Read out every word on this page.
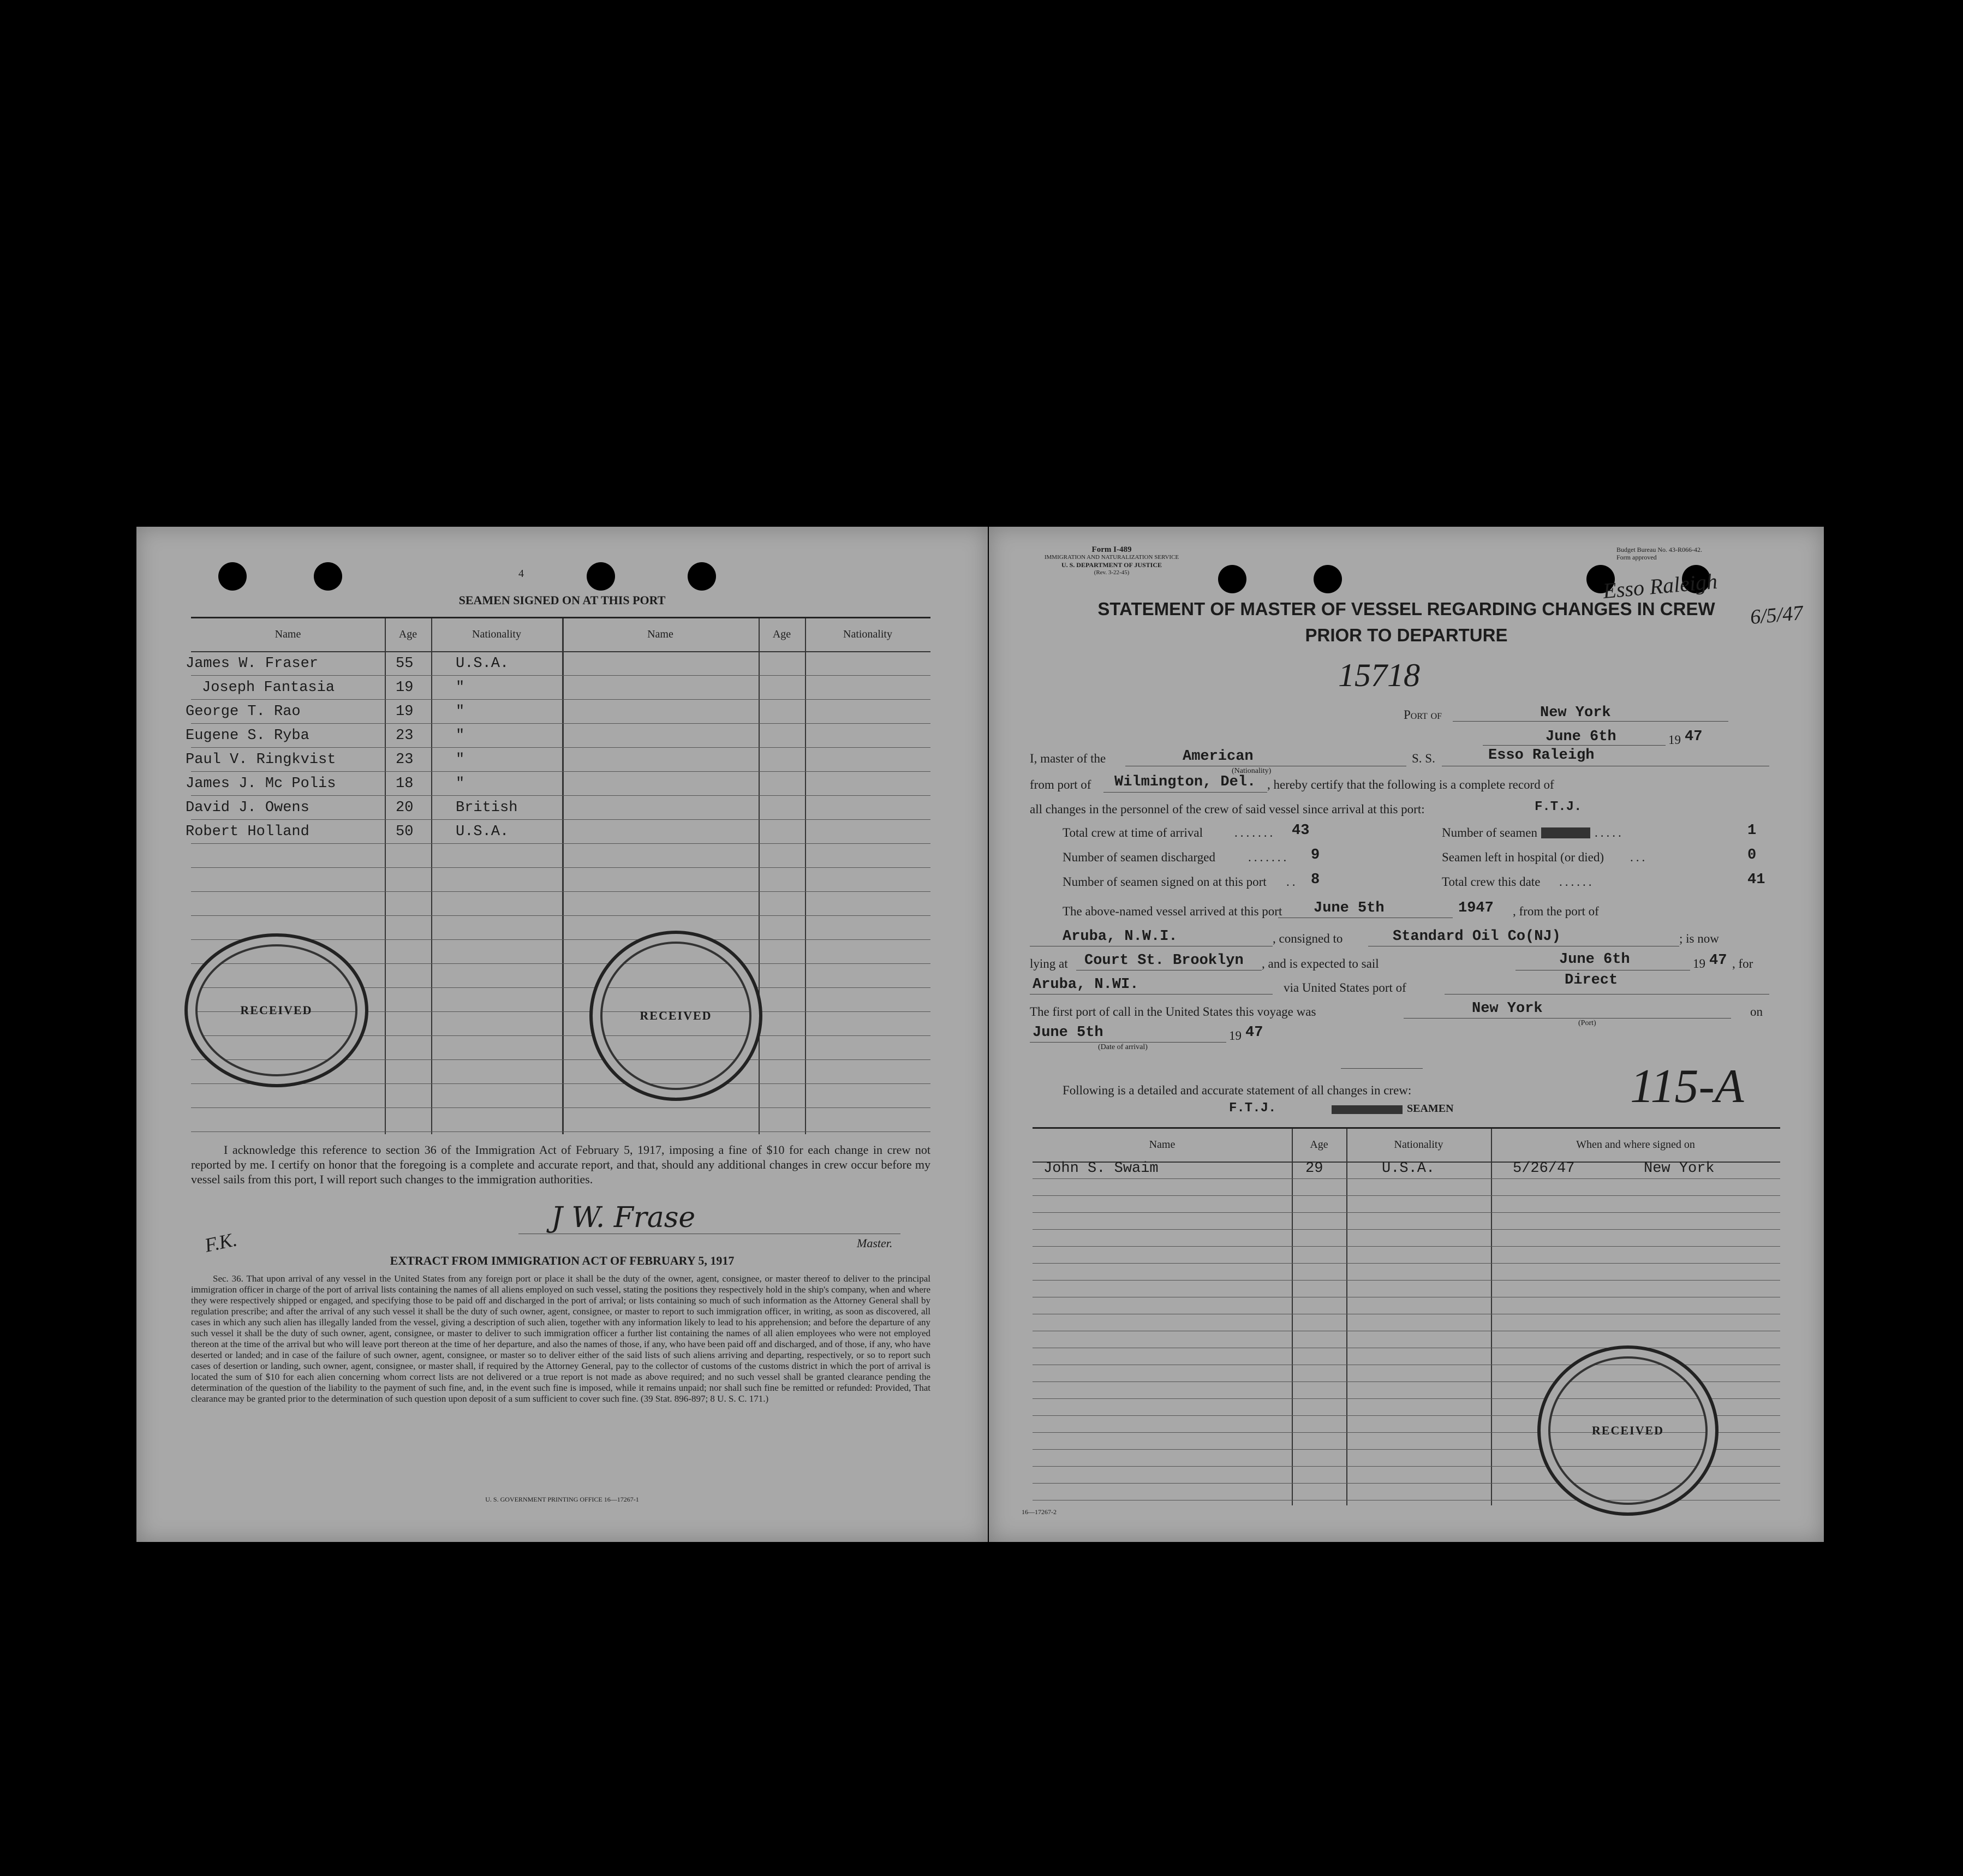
4
SEAMEN SIGNED ON AT THIS PORT
Name	Age	Nationality	Name	Age	Nationality
James W. Fraser	55	U.S.A.
Joseph Fantasia	19	"
George T. Rao	19	"
Eugene S. Ryba	23	"
Paul V. Ringkvist	23	"
James J. Mc Polis	18	"
David J. Owens	20	British
Robert Holland	50	U.S.A.
RECEIVED	RECEIVED
I acknowledge this reference to section 36 of the Immigration Act of February 5, 1917, imposing a fine of $10 for each change in crew not reported by me. I certify on honor that the foregoing is a complete and accurate report, and that, should any additional changes in crew occur before my vessel sails from this port, I will report such changes to the immigration authorities.
F.K.
J W. Frase
Master.
EXTRACT FROM IMMIGRATION ACT OF FEBRUARY 5, 1917
Sec. 36. That upon arrival of any vessel in the United States from any foreign port or place it shall be the duty of the owner, agent, consignee, or master thereof to deliver to the principal immigration officer in charge of the port of arrival lists containing the names of all aliens employed on such vessel, stating the positions they respectively hold in the ship's company, when and where they were respectively shipped or engaged, and specifying those to be paid off and discharged in the port of arrival; or lists containing so much of such information as the Attorney General shall by regulation prescribe; and after the arrival of any such vessel it shall be the duty of such owner, agent, consignee, or master to report to such immigration officer, in writing, as soon as discovered, all cases in which any such alien has illegally landed from the vessel, giving a description of such alien, together with any information likely to lead to his apprehension; and before the departure of any such vessel it shall be the duty of such owner, agent, consignee, or master to deliver to such immigration officer a further list containing the names of all alien employees who were not employed thereon at the time of the arrival but who will leave port thereon at the time of her departure, and also the names of those, if any, who have been paid off and discharged, and of those, if any, who have deserted or landed; and in case of the failure of such owner, agent, consignee, or master so to deliver either of the said lists of such aliens arriving and departing, respectively, or so to report such cases of desertion or landing, such owner, agent, consignee, or master shall, if required by the Attorney General, pay to the collector of customs of the customs district in which the port of arrival is located the sum of $10 for each alien concerning whom correct lists are not delivered or a true report is not made as above required; and no such vessel shall be granted clearance pending the determination of the question of the liability to the payment of such fine, and, in the event such fine is imposed, while it remains unpaid; nor shall such fine be remitted or refunded: Provided, That clearance may be granted prior to the determination of such question upon deposit of a sum sufficient to cover such fine. (39 Stat. 896-897; 8 U. S. C. 171.)
U. S. GOVERNMENT PRINTING OFFICE 16—17267-1
Form I-489
IMMIGRATION AND NATURALIZATION SERVICE
U. S. DEPARTMENT OF JUSTICE
(Rev. 3-22-45)
Budget Bureau No. 43-R066-42.
Form approved
Esso Raleigh
6/5/47
STATEMENT OF MASTER OF VESSEL REGARDING CHANGES IN CREW
PRIOR TO DEPARTURE
15718
Port of	New York
June 6th	19 47
I, master of the	American
(Nationality)
S. S.	Esso Raleigh
from port of Wilmington, Del. , hereby certify that the following is a complete record of
all changes in the personnel of the crew of said vessel since arrival at this port:	F.T.J.
Total crew at time of arrival	....... 43	Number of seamen	.....	1
Number of seamen discharged	....... 9	Seamen left in hospital (or died) ...	0
Number of seamen signed on at this port .. 8	Total crew this date ......	41
The above-named vessel arrived at this port June 5th	1947 , from the port of
Aruba, N.W.I.	, consigned to	Standard Oil Co(NJ)	; is now
lying at Court St. Brooklyn , and is expected to sail	June 6th	19 47 , for
Aruba, N.WI.	via United States port of	Direct
The first port of call in the United States this voyage was	New York
(Port)
on
June 5th
(Date of arrival)
19 47
Following is a detailed and accurate statement of all changes in crew:	115-A
F.T.J.	SEAMEN
Name	Age	Nationality	When and where signed on
John S. Swaim	29	U.S.A.	5/26/47	New York
RECEIVED
16—17267-2
